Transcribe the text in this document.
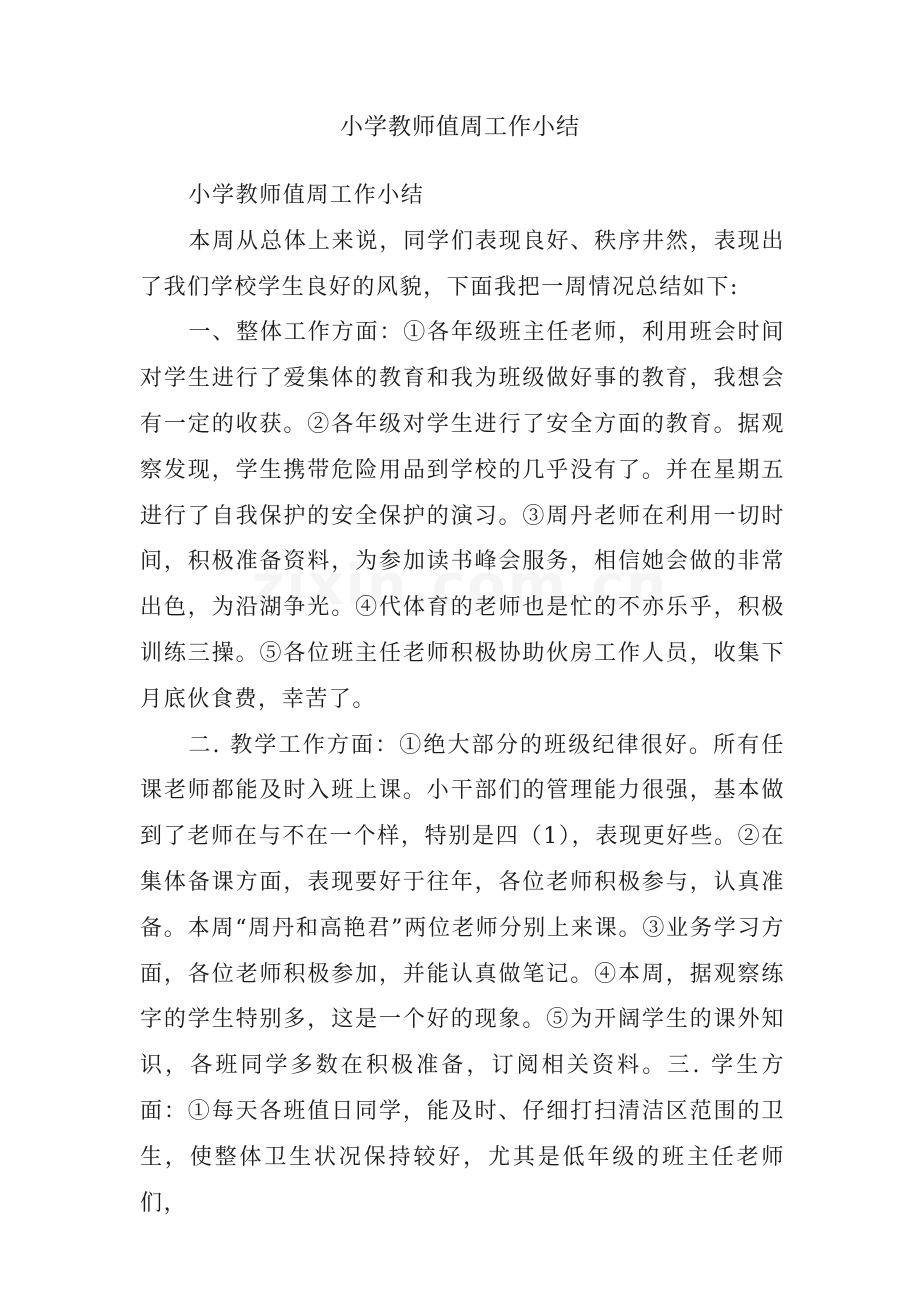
小学教师值周工作小结

小学教师值周工作小结

本周从总体上来说，同学们表现良好、秩序井然，表现出了我们学校学生良好的风貌，下面我把一周情况总结如下:

一、整体工作方面：①各年级班主任老师，利用班会时间对学生进行了爱集体的教育和我为班级做好事的教育，我想会有一定的收获。②各年级对学生进行了安全方面的教育。据观察发现，学生携带危险用品到学校的几乎没有了。并在星期五进行了自我保护的安全保护的演习。③周丹老师在利用一切时间，积极准备资料，为参加读书峰会服务，相信她会做的非常出色，为沿湖争光。④代体育的老师也是忙的不亦乐乎，积极训练三操。⑤各位班主任老师积极协助伙房工作人员，收集下月底伙食费，幸苦了。

二. 教学工作方面：①绝大部分的班级纪律很好。所有任课老师都能及时入班上课。小干部们的管理能力很强，基本做到了老师在与不在一个样，特别是四（1），表现更好些。②在集体备课方面，表现要好于往年，各位老师积极参与，认真准备。本周“周丹和高艳君”两位老师分别上来课。③业务学习方面，各位老师积极参加，并能认真做笔记。④本周，据观察练字的学生特别多，这是一个好的现象。⑤为开阔学生的课外知识，各班同学多数在积极准备，订阅相关资料。三. 学生方面：①每天各班值日同学，能及时、仔细打扫清洁区范围的卫生，使整体卫生状况保持较好，尤其是低年级的班主任老师们，
